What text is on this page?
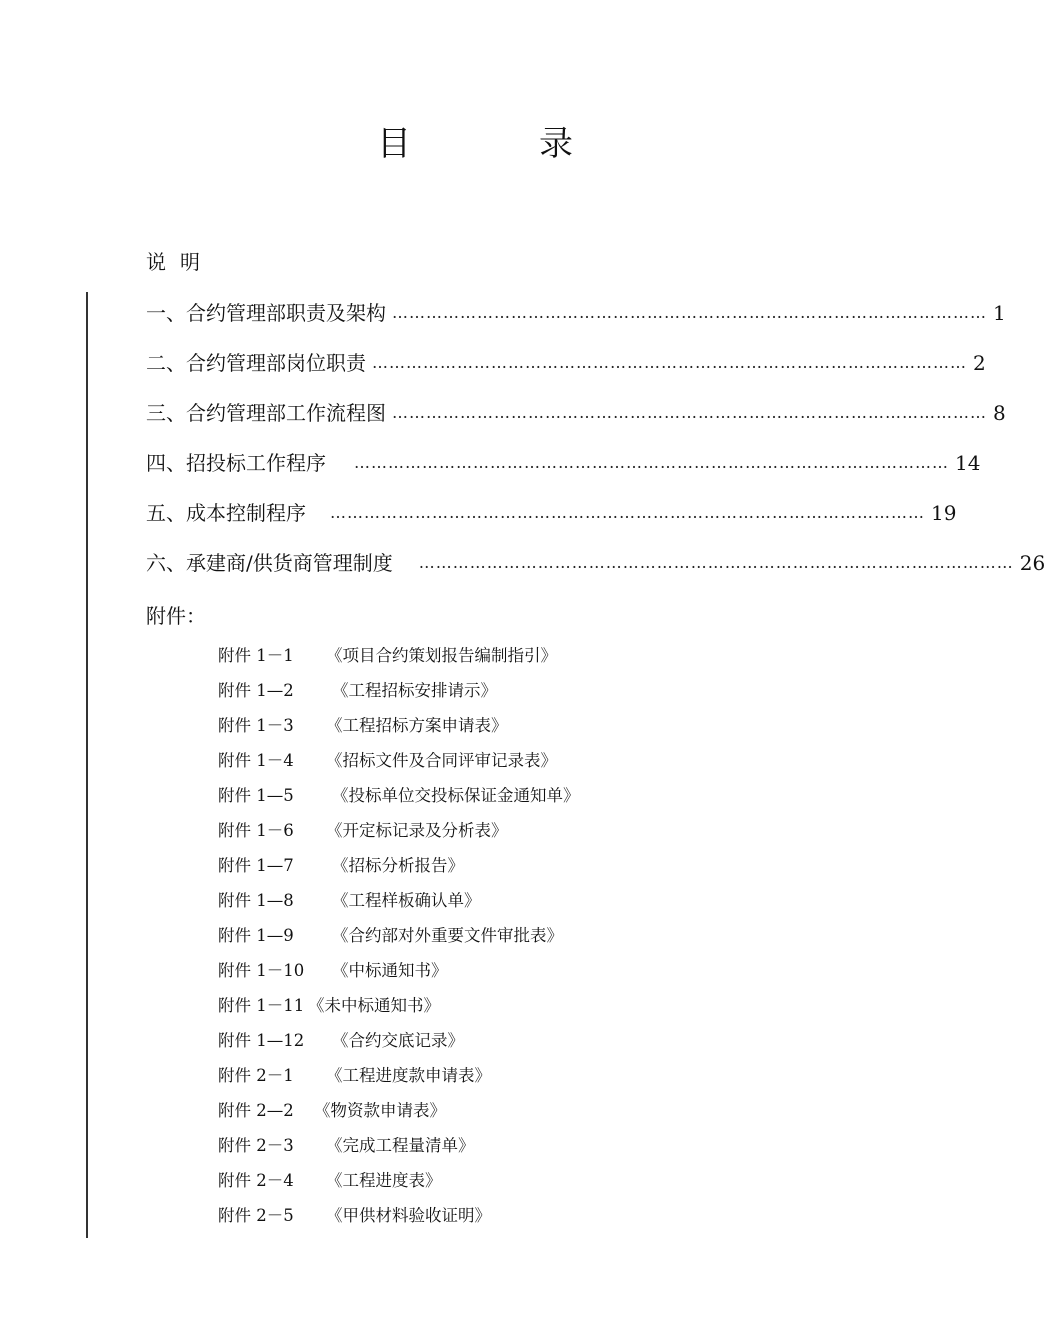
目	录
说明
一、 合约管理部职责及架构 …………………………………………………………………………………………… 1
二、 合约管理部岗位职责 …………………………………………………………………………………………… 2
三、 合约管理部工作流程图 …………………………………………………………………………………………… 8
四、 招投标工作程序 …………………………………………………………………………………………… 14
五、 成本控制程序 …………………………………………………………………………………………… 19
六、 承建商/供货商管理制度 …………………………………………………………………………………………… 26
附件：
附件 1－1 《项目合约策划报告编制指引》
附件 1—2 《工程招标安排请示》
附件 1－3 《工程招标方案申请表》
附件 1－4 《招标文件及合同评审记录表》
附件 1—5 《投标单位交投标保证金通知单》
附件 1－6 《开定标记录及分析表》
附件 1—7 《招标分析报告》
附件 1—8 《工程样板确认单》
附件 1—9 《合约部对外重要文件审批表》
附件 1－10 《中标通知书》
附件 1－11 《未中标通知书》
附件 1—12 《合约交底记录》
附件 2－1 《工程进度款申请表》
附件 2—2 《物资款申请表》
附件 2－3 《完成工程量清单》
附件 2－4 《工程进度表》
附件 2－5 《甲供材料验收证明》
